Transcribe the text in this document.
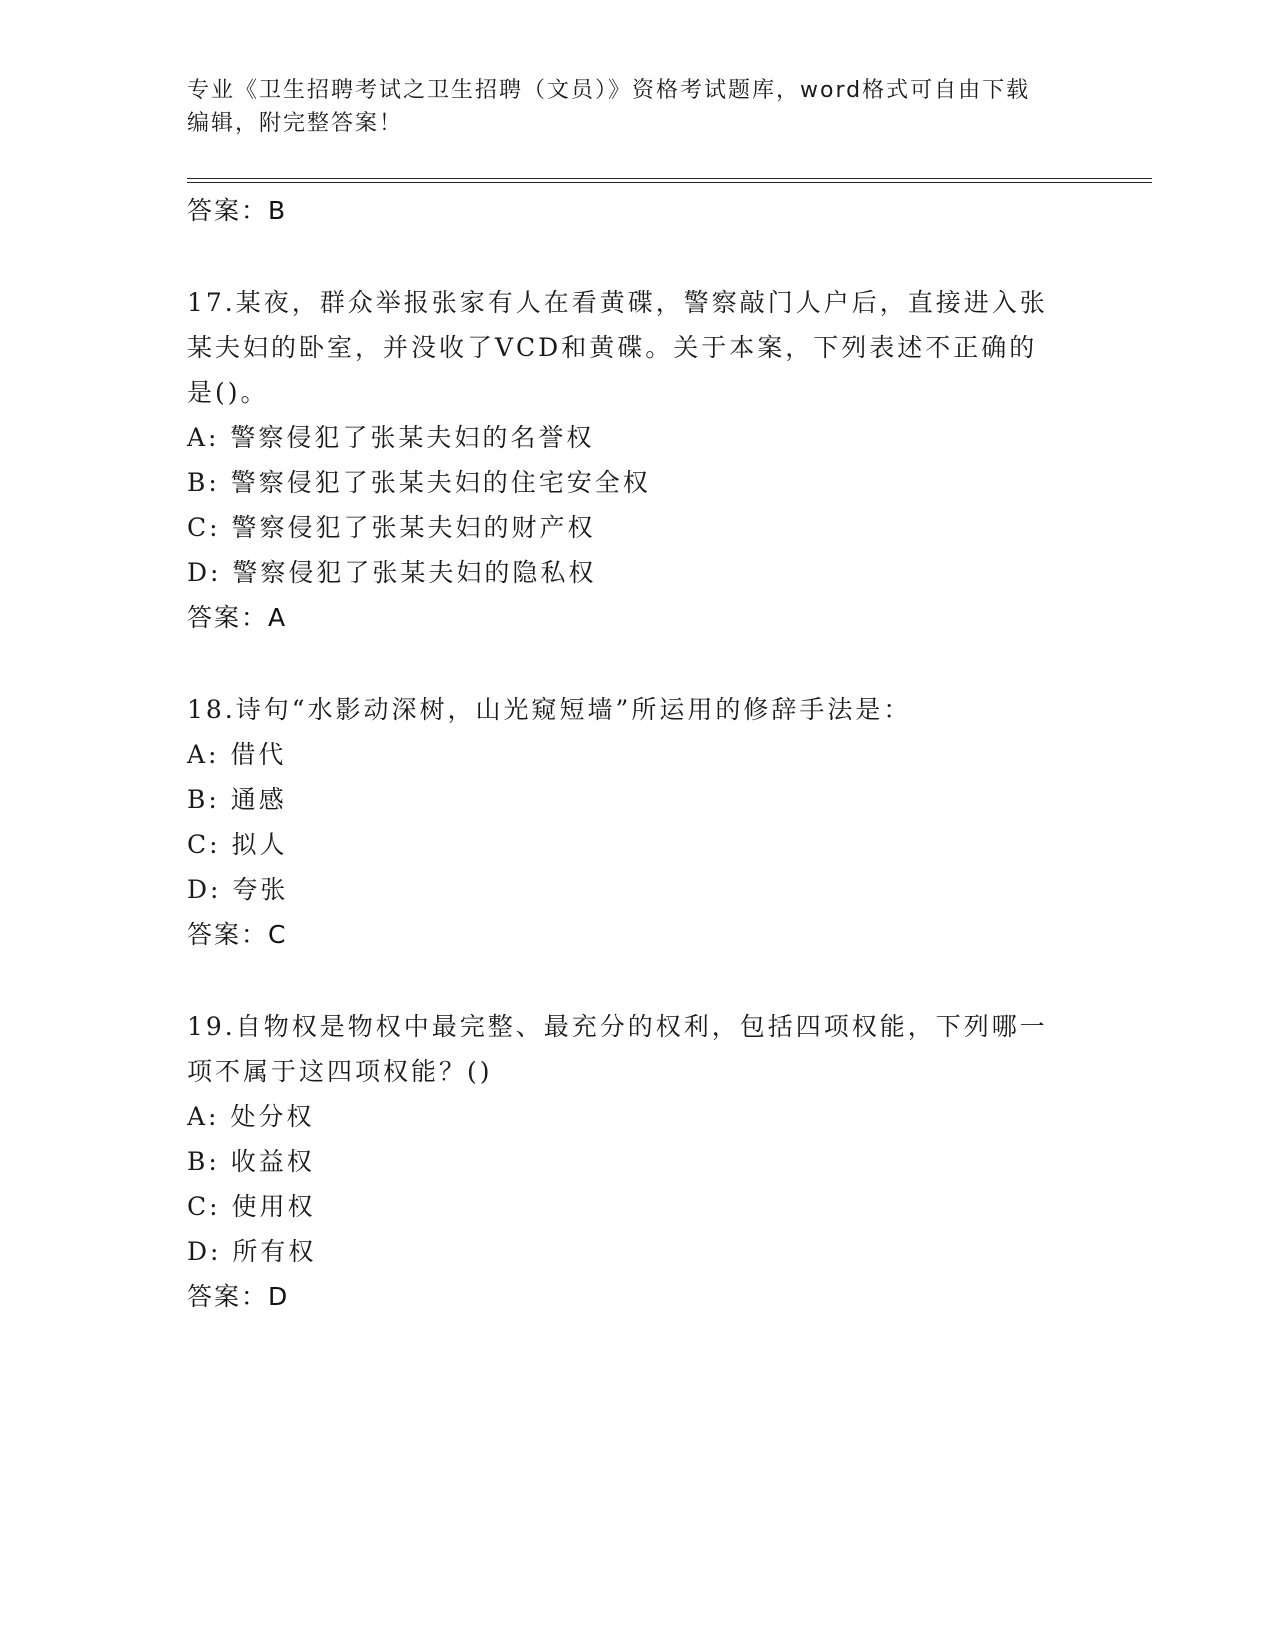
专业《卫生招聘考试之卫生招聘（文员）》资格考试题库，word格式可自由下载
编辑，附完整答案！
答案：B
17.某夜，群众举报张家有人在看黄碟，警察敲门人户后，直接进入张
某夫妇的卧室，并没收了VCD和黄碟。关于本案，下列表述不正确的
是()。
A: 警察侵犯了张某夫妇的名誉权
B: 警察侵犯了张某夫妇的住宅安全权
C: 警察侵犯了张某夫妇的财产权
D: 警察侵犯了张某夫妇的隐私权
答案：A
18.诗句“水影动深树，山光窥短墙”所运用的修辞手法是：
A: 借代
B: 通感
C: 拟人
D: 夸张
答案：C
19.自物权是物权中最完整、最充分的权利，包括四项权能，下列哪一
项不属于这四项权能？()
A: 处分权
B: 收益权
C: 使用权
D: 所有权
答案：D
